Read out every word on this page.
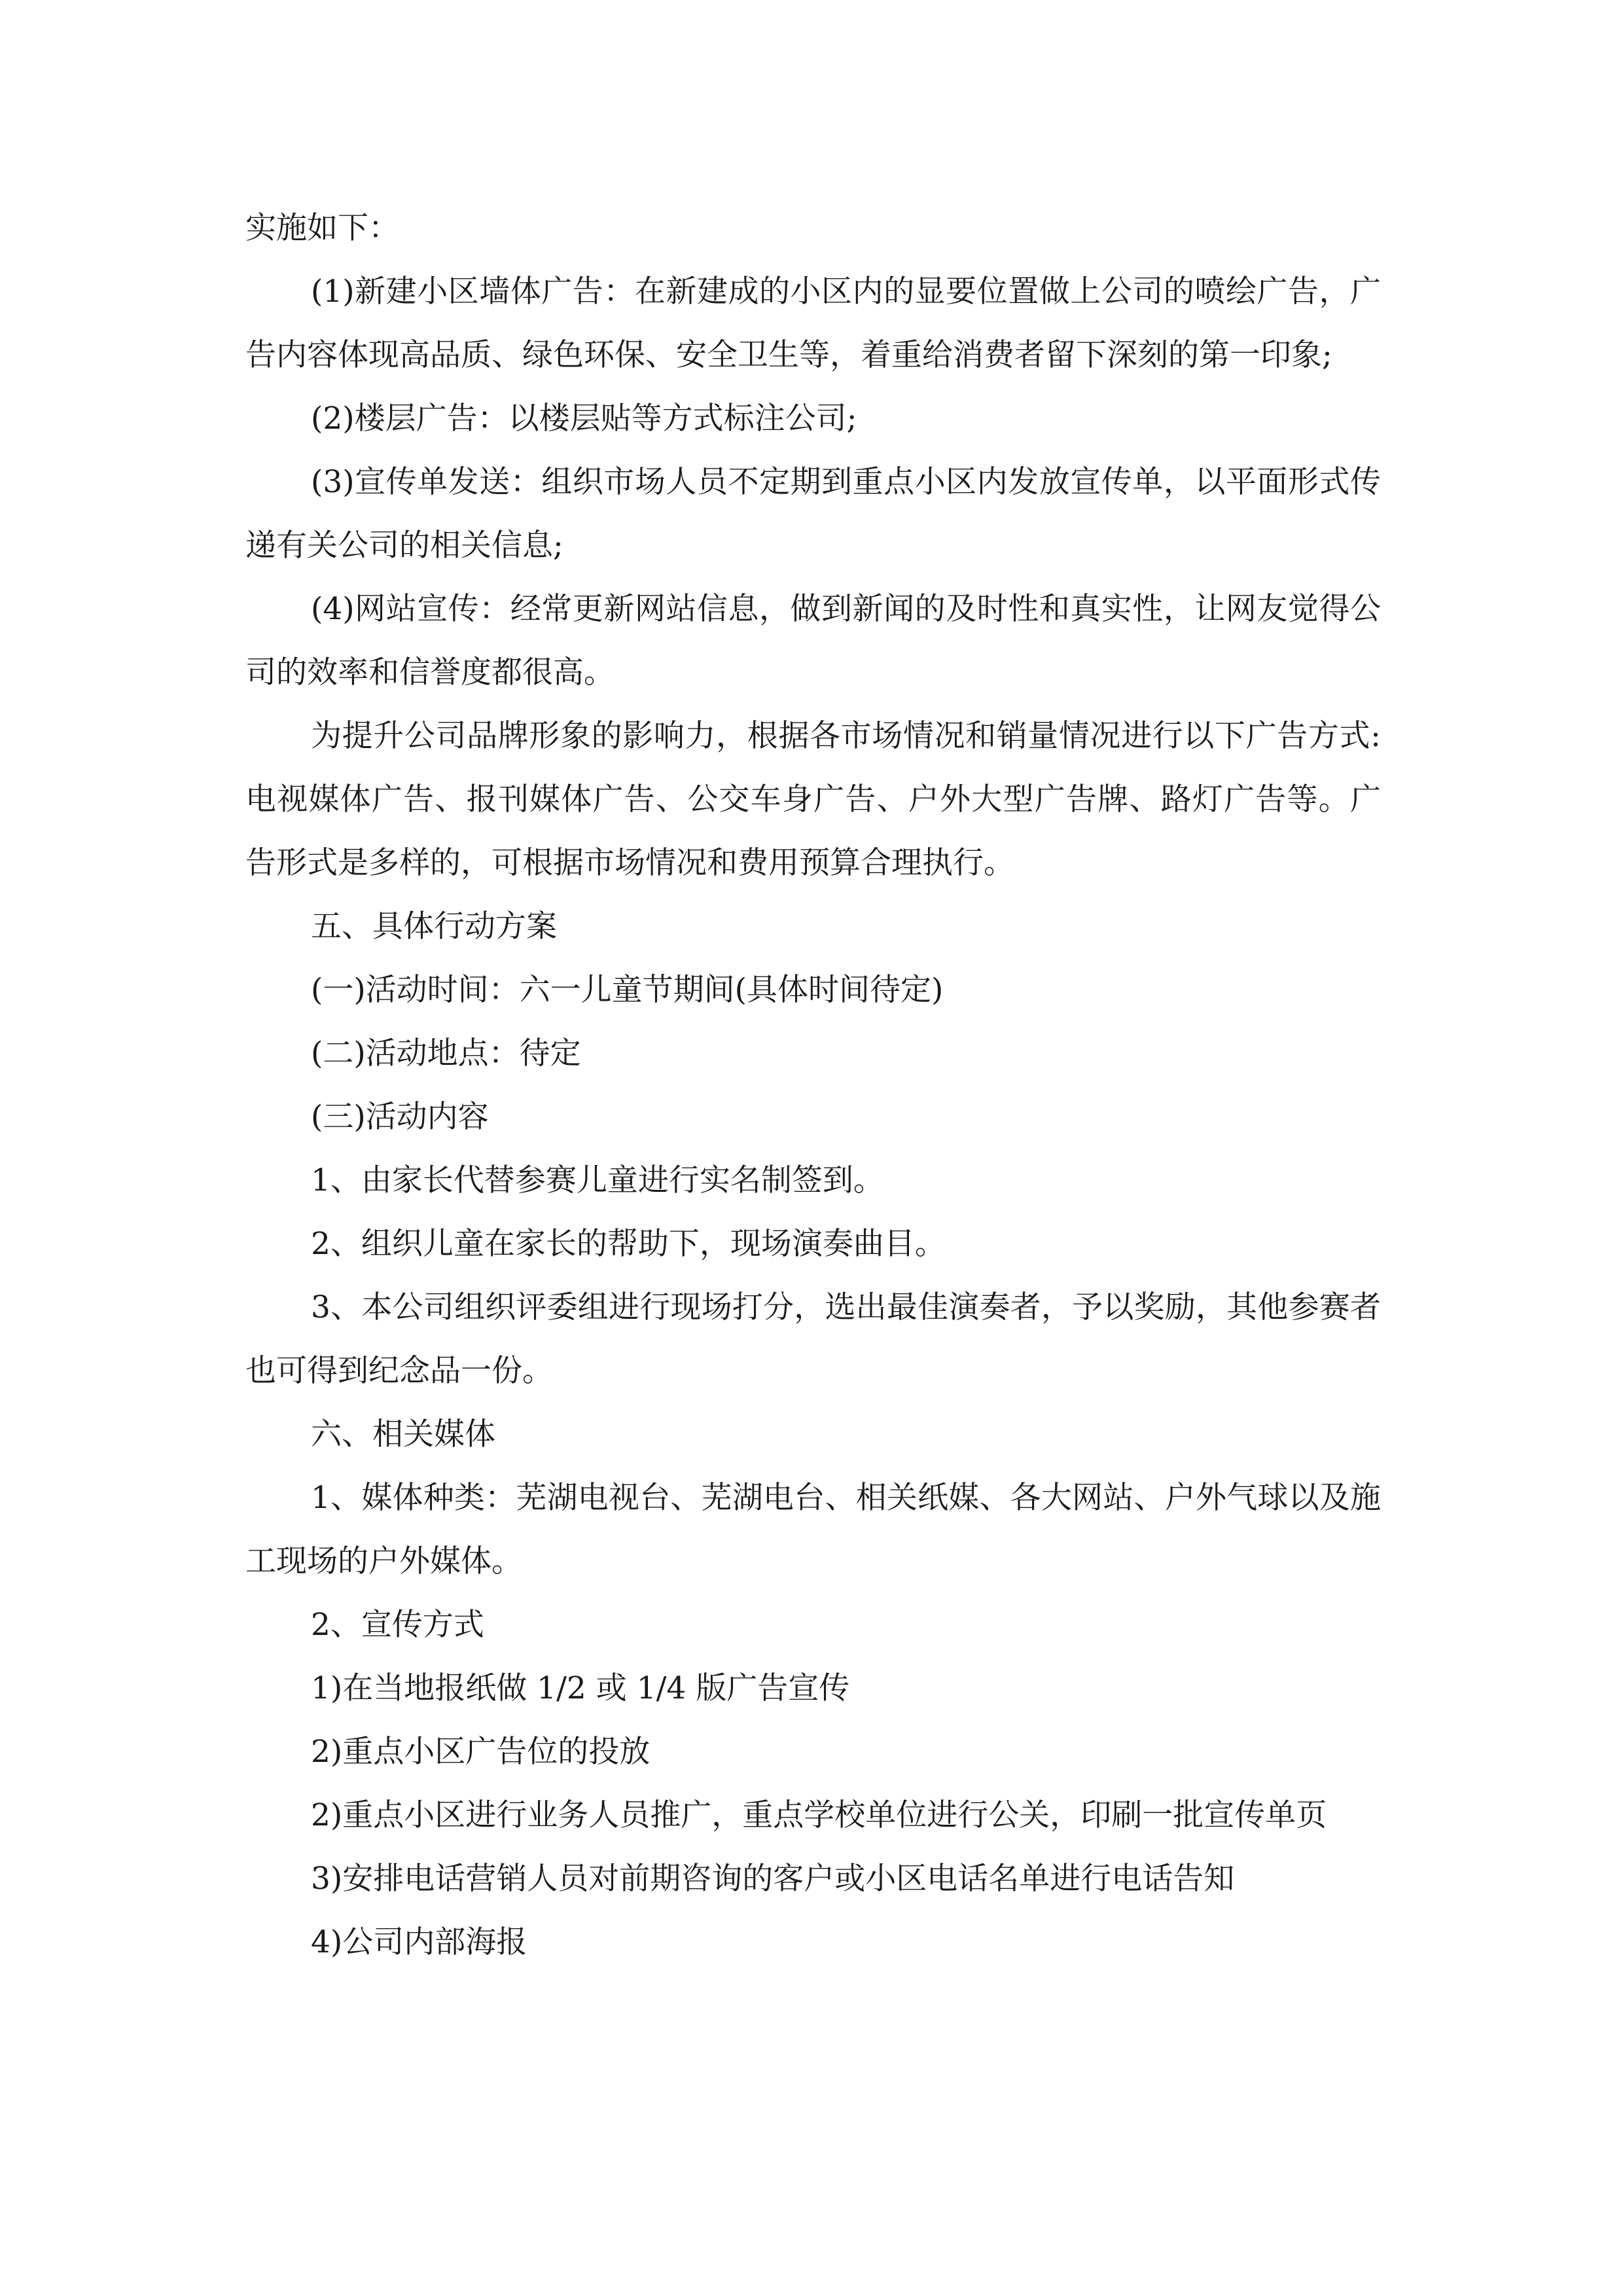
实施如下：

(1)新建小区墙体广告：在新建成的小区内的显要位置做上公司的喷绘广告，广告内容体现高品质、绿色环保、安全卫生等，着重给消费者留下深刻的第一印象;

(2)楼层广告：以楼层贴等方式标注公司;

(3)宣传单发送：组织市场人员不定期到重点小区内发放宣传单，以平面形式传递有关公司的相关信息;

(4)网站宣传：经常更新网站信息，做到新闻的及时性和真实性，让网友觉得公司的效率和信誉度都很高。

为提升公司品牌形象的影响力，根据各市场情况和销量情况进行以下广告方式: 电视媒体广告、报刊媒体广告、公交车身广告、户外大型广告牌、路灯广告等。广告形式是多样的，可根据市场情况和费用预算合理执行。

五、具体行动方案

(一)活动时间：六一儿童节期间(具体时间待定)

(二)活动地点：待定

(三)活动内容

1、由家长代替参赛儿童进行实名制签到。

2、组织儿童在家长的帮助下，现场演奏曲目。

3、本公司组织评委组进行现场打分，选出最佳演奏者，予以奖励，其他参赛者也可得到纪念品一份。

六、相关媒体

1、媒体种类：芜湖电视台、芜湖电台、相关纸媒、各大网站、户外气球以及施工现场的户外媒体。

2、宣传方式

1)在当地报纸做 1/2 或 1/4 版广告宣传

2)重点小区广告位的投放

2)重点小区进行业务人员推广，重点学校单位进行公关，印刷一批宣传单页

3)安排电话营销人员对前期咨询的客户或小区电话名单进行电话告知

4)公司内部海报
